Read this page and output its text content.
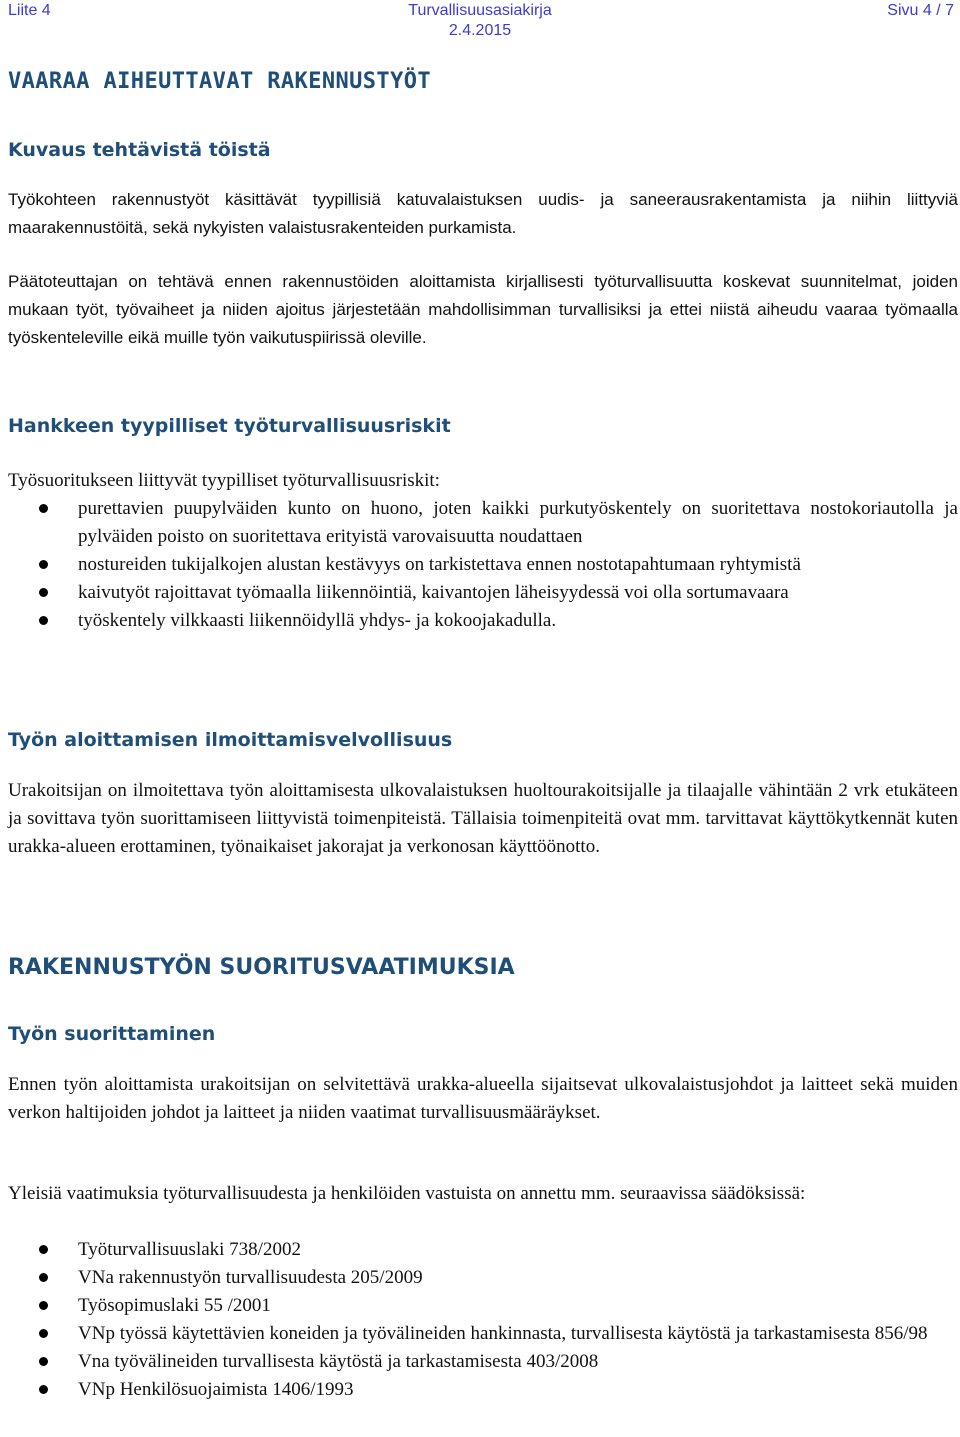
Liite 4	Turvallisuusasiakirja
2.4.2015
Sivu 4 / 7
VAARAA AIHEUTTAVAT RAKENNUSTYÖT
Kuvaus tehtävistä töistä
Työkohteen rakennustyöt käsittävät tyypillisiä katuvalaistuksen uudis- ja saneerausrakentamista ja niihin liittyviä maarakennustöitä, sekä nykyisten valaistusrakenteiden purkamista.
Päätoteuttajan on tehtävä ennen rakennustöiden aloittamista kirjallisesti työturvallisuutta koskevat suunnitelmat, joiden mukaan työt, työvaiheet ja niiden ajoitus järjestetään mahdollisimman turvallisiksi ja ettei niistä aiheudu vaaraa työmaalla työskenteleville eikä muille työn vaikutuspiirissä oleville.
Hankkeen tyypilliset työturvallisuusriskit
Työsuoritukseen liittyvät tyypilliset työturvallisuusriskit:
purettavien puupylväiden kunto on huono, joten kaikki purkutyöskentely on suoritettava nostokoriautolla ja pylväiden poisto on suoritettava erityistä varovaisuutta noudattaen
nostureiden tukijalkojen alustan kestävyys on tarkistettava ennen nostotapahtumaan ryhtymistä
kaivutyöt rajoittavat työmaalla liikennöintiä, kaivantojen läheisyydessä voi olla sortumavaara
työskentely vilkkaasti liikennöidyllä yhdys- ja kokoojakadulla.
Työn aloittamisen ilmoittamisvelvollisuus
Urakoitsijan on ilmoitettava työn aloittamisesta ulkovalaistuksen huoltourakoitsijalle ja tilaajalle vähintään 2 vrk etukäteen ja sovittava työn suorittamiseen liittyvistä toimenpiteistä. Tällaisia toimenpiteitä ovat mm. tarvittavat käyttökytkennät kuten urakka-alueen erottaminen, työnaikaiset jakorajat ja verkonosan käyttöönotto.
RAKENNUSTYÖN SUORITUSVAATIMUKSIA
Työn suorittaminen
Ennen työn aloittamista urakoitsijan on selvitettävä urakka-alueella sijaitsevat ulkovalaistusjohdot ja laitteet sekä muiden verkon haltijoiden johdot ja laitteet ja niiden vaatimat turvallisuusmääräykset.
Yleisiä vaatimuksia työturvallisuudesta ja henkilöiden vastuista on annettu mm. seuraavissa säädöksissä:
Työturvallisuuslaki 738/2002
VNa rakennustyön turvallisuudesta 205/2009
Työsopimuslaki 55 /2001
VNp työssä käytettävien koneiden ja työvälineiden hankinnasta, turvallisesta käytöstä ja tarkastamisesta 856/98
Vna työvälineiden turvallisesta käytöstä ja tarkastamisesta 403/2008
VNp Henkilösuojaimista 1406/1993
